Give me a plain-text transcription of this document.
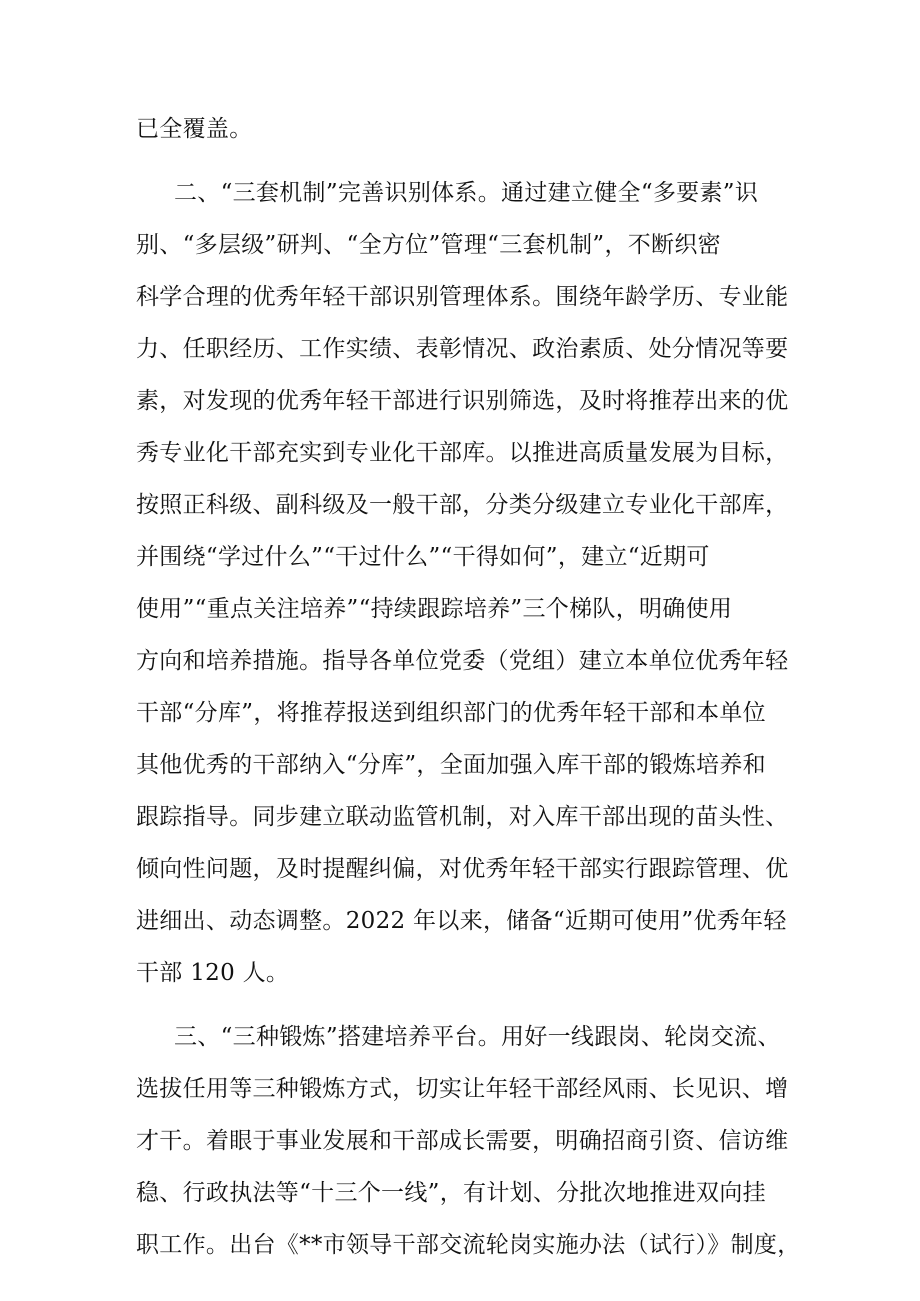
已全覆盖。
二、“三套机制”完善识别体系。通过建立健全“多要素”识
别、“多层级”研判、“全方位”管理“三套机制”，不断织密
科学合理的优秀年轻干部识别管理体系。围绕年龄学历、专业能
力、任职经历、工作实绩、表彰情况、政治素质、处分情况等要
素，对发现的优秀年轻干部进行识别筛选，及时将推荐出来的优
秀专业化干部充实到专业化干部库。以推进高质量发展为目标，
按照正科级、副科级及一般干部，分类分级建立专业化干部库，
并围绕“学过什么”“干过什么”“干得如何”，建立“近期可
使用”“重点关注培养”“持续跟踪培养”三个梯队，明确使用
方向和培养措施。指导各单位党委（党组）建立本单位优秀年轻
干部“分库”，将推荐报送到组织部门的优秀年轻干部和本单位
其他优秀的干部纳入“分库”，全面加强入库干部的锻炼培养和
跟踪指导。同步建立联动监管机制，对入库干部出现的苗头性、
倾向性问题，及时提醒纠偏，对优秀年轻干部实行跟踪管理、优
进细出、动态调整。2022 年以来，储备“近期可使用”优秀年轻
干部 120 人。
三、“三种锻炼”搭建培养平台。用好一线跟岗、轮岗交流、
选拔任用等三种锻炼方式，切实让年轻干部经风雨、长见识、增
才干。着眼于事业发展和干部成长需要，明确招商引资、信访维
稳、行政执法等“十三个一线”，有计划、分批次地推进双向挂
职工作。出台《**市领导干部交流轮岗实施办法（试行）》制度，
